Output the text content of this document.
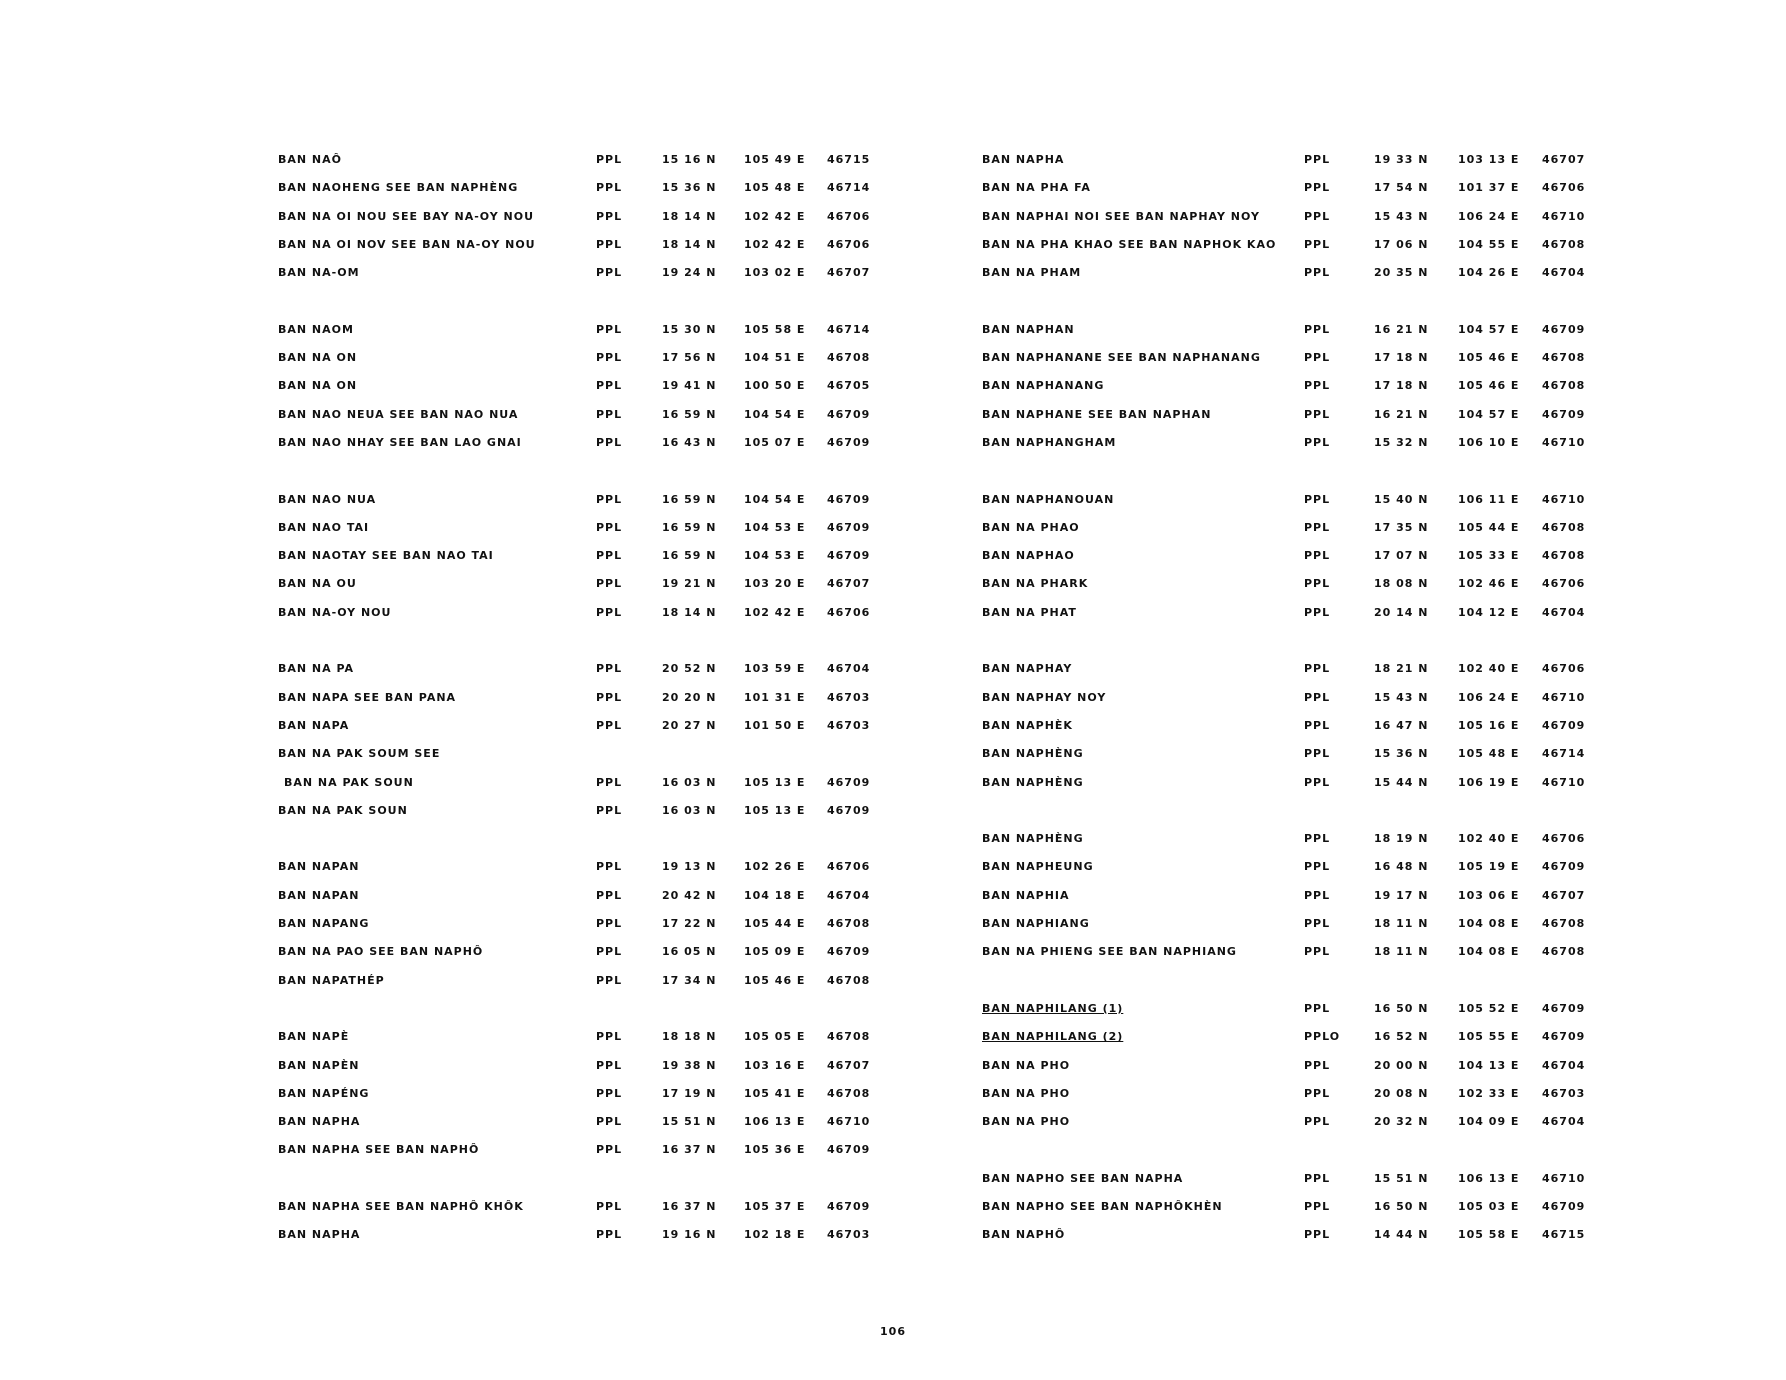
BAN NAÔ	PPL	15 16 N	105 49 E 46715
BAN NAOHENG SEE BAN NAPHÈNG	PPL	15 36 N	105 48 E 46714
BAN NA OI NOU SEE BAY NA-OY NOU	PPL	18 14 N	102 42 E 46706
BAN NA OI NOV SEE BAN NA-OY NOU	PPL	18 14 N	102 42 E 46706
BAN NA-OM	PPL	19 24 N	103 02 E 46707
BAN NAOM	PPL	15 30 N	105 58 E 46714
BAN NA ON	PPL	17 56 N	104 51 E 46708
BAN NA ON	PPL	19 41 N	100 50 E 46705
BAN NAO NEUA SEE BAN NAO NUA	PPL	16 59 N	104 54 E 46709
BAN NAO NHAY SEE BAN LAO GNAI	PPL	16 43 N	105 07 E 46709
BAN NAO NUA	PPL	16 59 N	104 54 E 46709
BAN NAO TAI	PPL	16 59 N	104 53 E 46709
BAN NAOTAY SEE BAN NAO TAI	PPL	16 59 N	104 53 E 46709
BAN NA OU	PPL	19 21 N	103 20 E 46707
BAN NA-OY NOU	PPL	18 14 N	102 42 E 46706
BAN NA PA	PPL	20 52 N	103 59 E 46704
BAN NAPA SEE BAN PANA	PPL	20 20 N	101 31 E 46703
BAN NAPA	PPL	20 27 N	101 50 E 46703
BAN NA PAK SOUM SEE
BAN NA PAK SOUN	PPL	16 03 N	105 13 E 46709
BAN NA PAK SOUN	PPL	16 03 N	105 13 E 46709
BAN NAPAN	PPL	19 13 N	102 26 E 46706
BAN NAPAN	PPL	20 42 N	104 18 E 46704
BAN NAPANG	PPL	17 22 N	105 44 E 46708
BAN NA PAO SEE BAN NAPHÔ	PPL	16 05 N	105 09 E 46709
BAN NAPATHÉP	PPL	17 34 N	105 46 E 46708
BAN NAPÈ	PPL	18 18 N	105 05 E 46708
BAN NAPÈN	PPL	19 38 N	103 16 E 46707
BAN NAPÉNG	PPL	17 19 N	105 41 E 46708
BAN NAPHA	PPL	15 51 N	106 13 E 46710
BAN NAPHA SEE BAN NAPHÔ	PPL	16 37 N	105 36 E 46709
BAN NAPHA SEE BAN NAPHÔ KHÔK	PPL	16 37 N	105 37 E 46709
BAN NAPHA	PPL	19 16 N	102 18 E 46703
BAN NAPHA	PPL	19 33 N	103 13 E 46707
BAN NA PHA FA	PPL	17 54 N	101 37 E 46706
BAN NAPHAI NOI SEE BAN NAPHAY NOY	PPL	15 43 N	106 24 E 46710
BAN NA PHA KHAO SEE BAN NAPHOK KAO	PPL	17 06 N	104 55 E 46708
BAN NA PHAM	PPL	20 35 N	104 26 E 46704
BAN NAPHAN	PPL	16 21 N	104 57 E 46709
BAN NAPHANANE SEE BAN NAPHANANG	PPL	17 18 N	105 46 E 46708
BAN NAPHANANG	PPL	17 18 N	105 46 E 46708
BAN NAPHANE SEE BAN NAPHAN	PPL	16 21 N	104 57 E 46709
BAN NAPHANGHAM	PPL	15 32 N	106 10 E 46710
BAN NAPHANOUAN	PPL	15 40 N	106 11 E 46710
BAN NA PHAO	PPL	17 35 N	105 44 E 46708
BAN NAPHAO	PPL	17 07 N	105 33 E 46708
BAN NA PHARK	PPL	18 08 N	102 46 E 46706
BAN NA PHAT	PPL	20 14 N	104 12 E 46704
BAN NAPHAY	PPL	18 21 N	102 40 E 46706
BAN NAPHAY NOY	PPL	15 43 N	106 24 E 46710
BAN NAPHÈK	PPL	16 47 N	105 16 E 46709
BAN NAPHÈNG	PPL	15 36 N	105 48 E 46714
BAN NAPHÈNG	PPL	15 44 N	106 19 E 46710
BAN NAPHÈNG	PPL	18 19 N	102 40 E 46706
BAN NAPHEUNG	PPL	16 48 N	105 19 E 46709
BAN NAPHIA	PPL	19 17 N	103 06 E 46707
BAN NAPHIANG	PPL	18 11 N	104 08 E 46708
BAN NA PHIENG SEE BAN NAPHIANG	PPL	18 11 N	104 08 E 46708
BAN NAPHILANG (1)	PPL	16 50 N	105 52 E 46709
BAN NAPHILANG (2)	PPLO	16 52 N	105 55 E 46709
BAN NA PHO	PPL	20 00 N	104 13 E 46704
BAN NA PHO	PPL	20 08 N	102 33 E 46703
BAN NA PHO	PPL	20 32 N	104 09 E 46704
BAN NAPHO SEE BAN NAPHA	PPL	15 51 N	106 13 E 46710
BAN NAPHO SEE BAN NAPHÔKHÈN	PPL	16 50 N	105 03 E 46709
BAN NAPHÔ	PPL	14 44 N	105 58 E 46715
106
